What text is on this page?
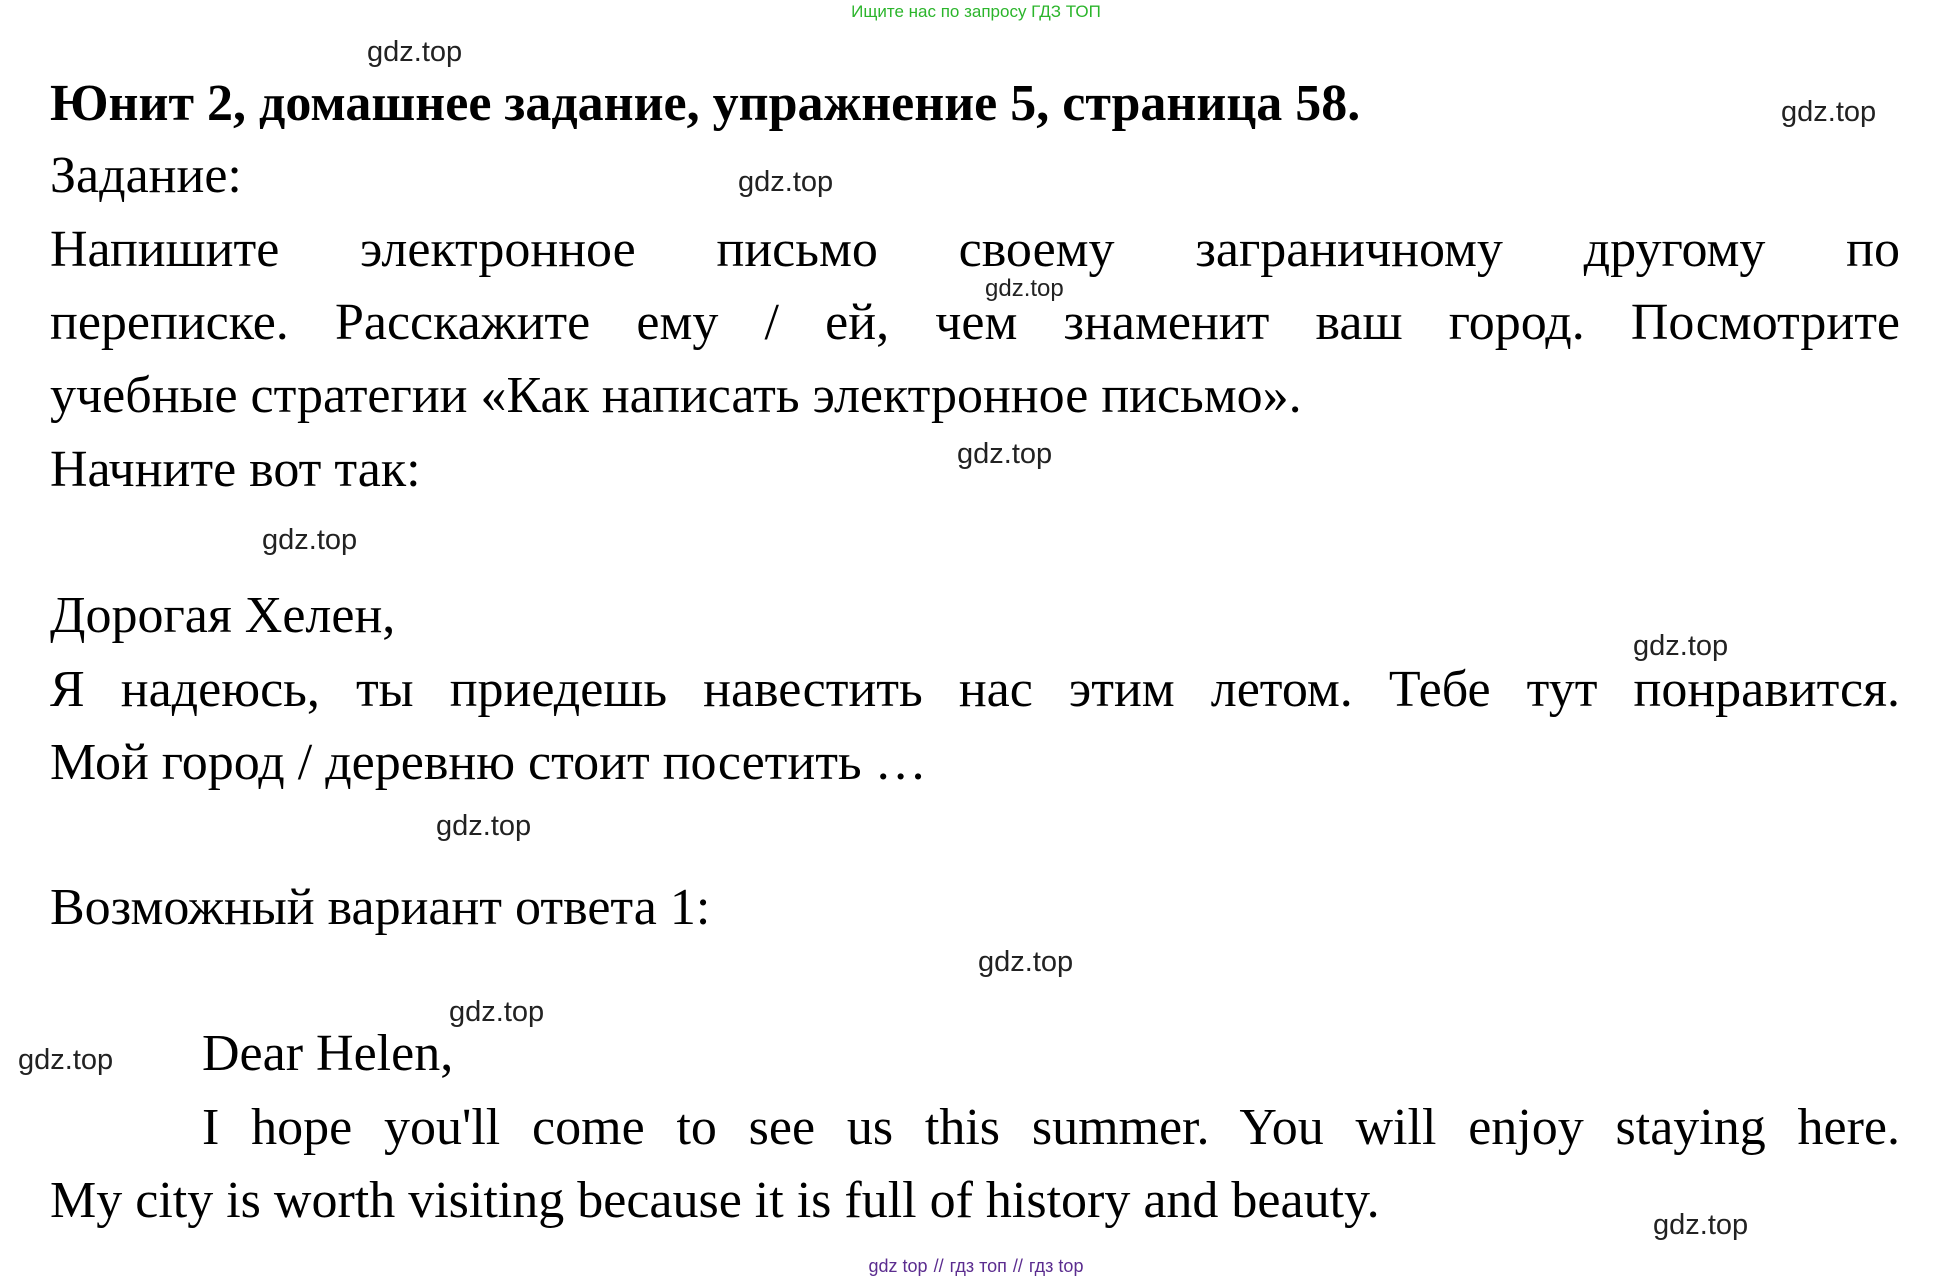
Ищите нас по запросу ГДЗ ТОП
gdz.top
gdz.top
gdz.top
gdz.top
gdz.top
gdz.top
gdz.top
gdz.top
gdz.top
gdz.top
gdz.top
gdz.top
Юнит 2, домашнее задание, упражнение 5, страница 58.
Задание:
Напишите электронное письмо своему заграничному другому по
переписке. Расскажите ему / ей, чем знаменит ваш город. Посмотрите
учебные стратегии «Как написать электронное письмо».
Начните вот так:
Дорогая Хелен,
Я надеюсь, ты приедешь навестить нас этим летом. Тебе тут понравится.
Мой город / деревню стоит посетить …
Возможный вариант ответа 1:
Dear Helen,
I hope you'll come to see us this summer. You will enjoy staying here.
My city is worth visiting because it is full of history and beauty.
gdz top // гдз топ // гдз top
